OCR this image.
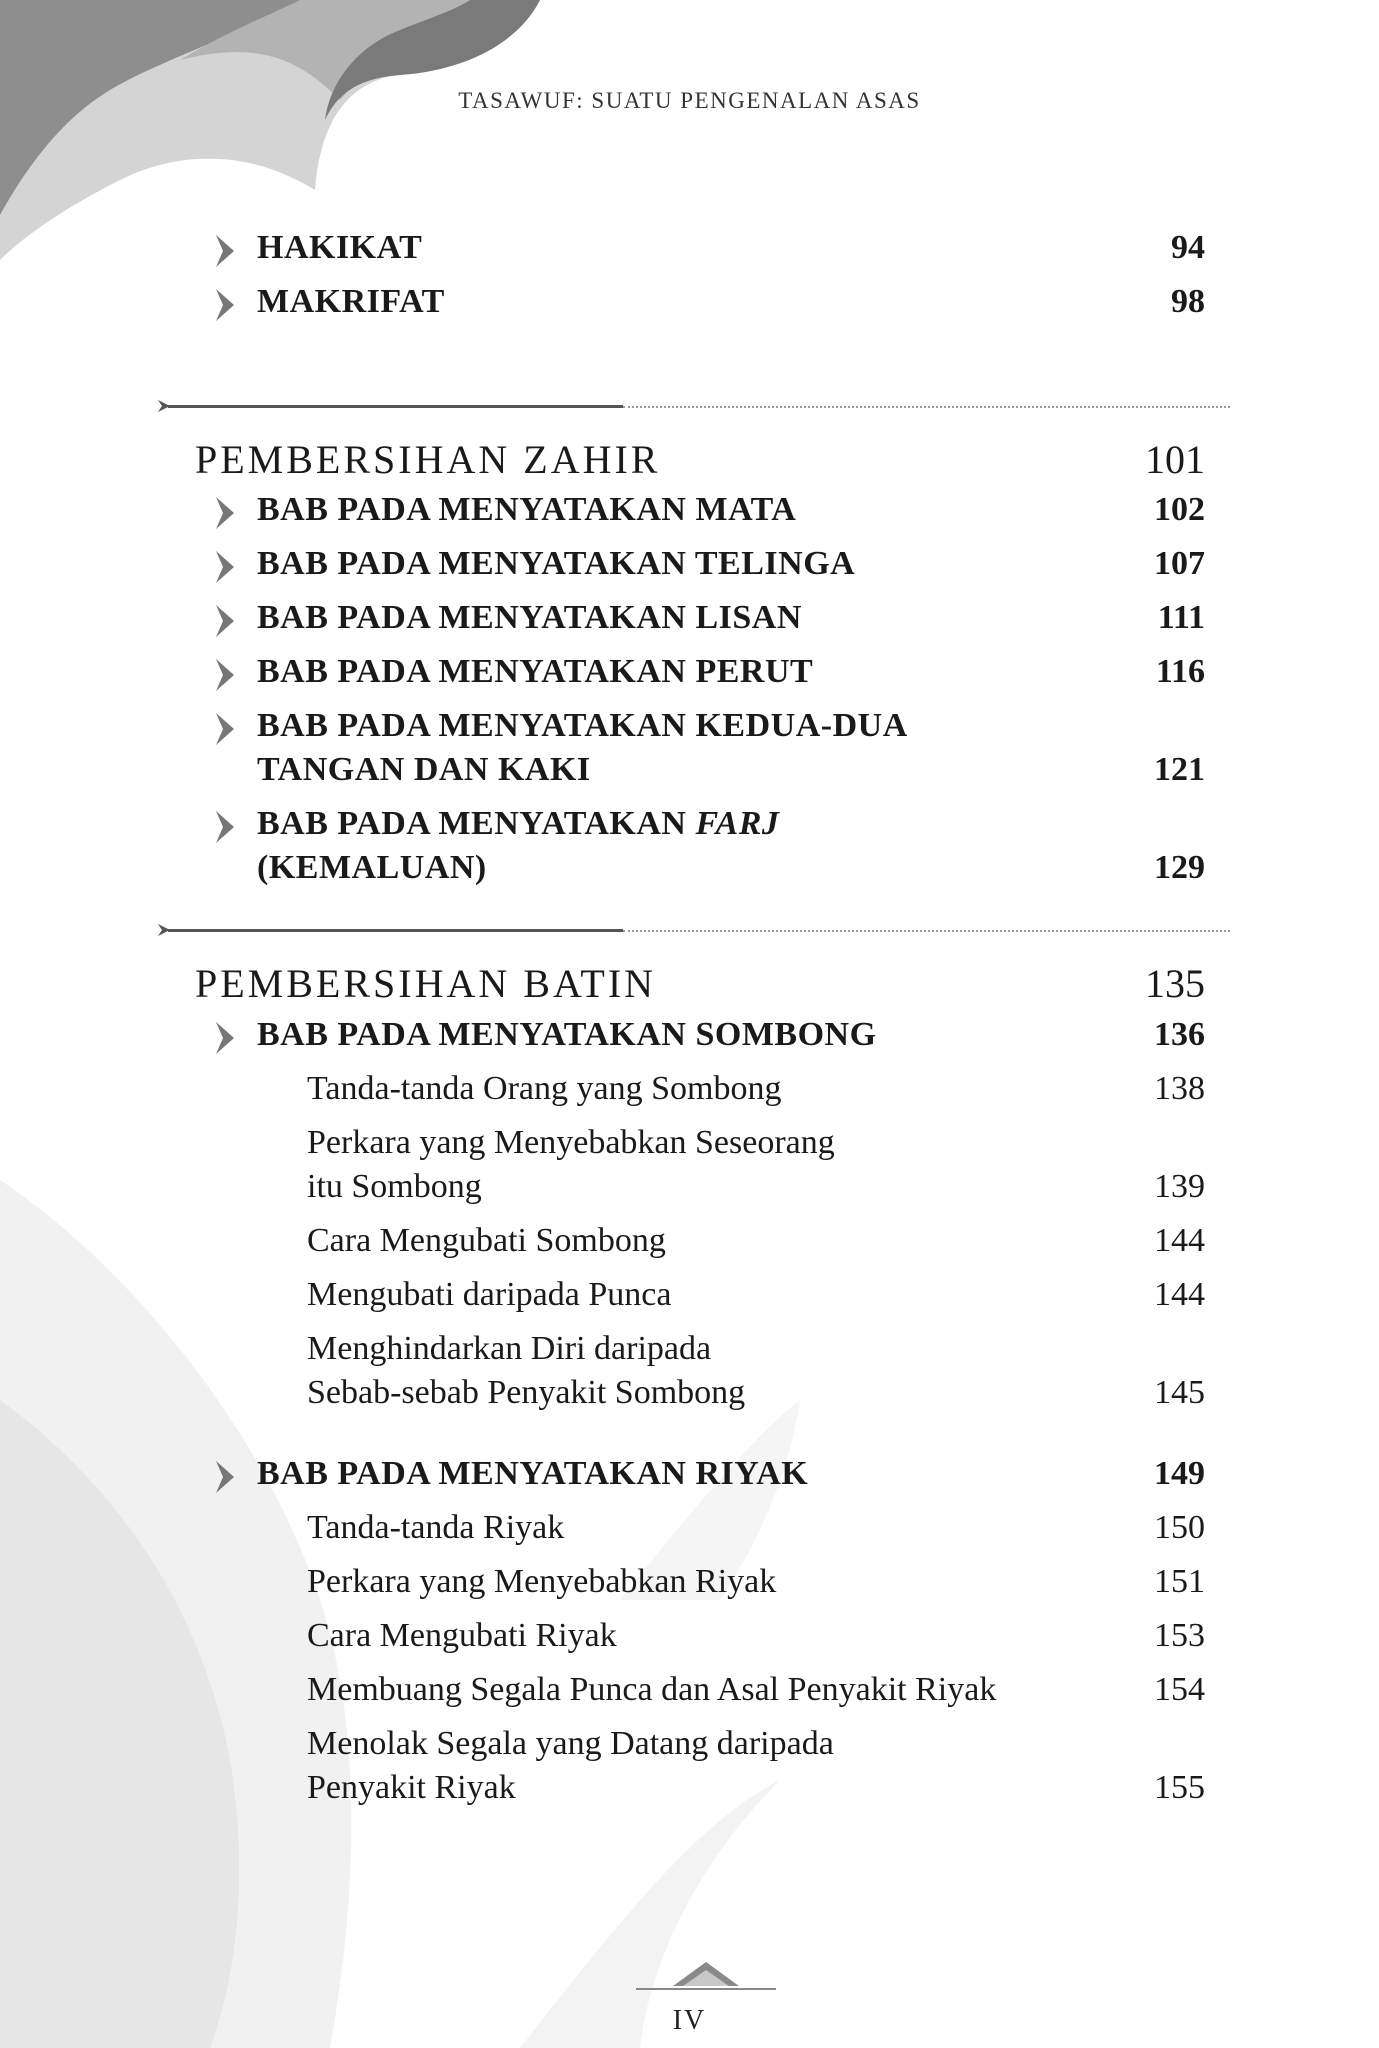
TASAWUF: SUATU PENGENALAN ASAS
HAKIKAT	94
MAKRIFAT	98
PEMBERSIHAN ZAHIR	101
BAB PADA MENYATAKAN MATA	102
BAB PADA MENYATAKAN TELINGA	107
BAB PADA MENYATAKAN LISAN	111
BAB PADA MENYATAKAN PERUT	116
BAB PADA MENYATAKAN KEDUA-DUA
TANGAN DAN KAKI	121
BAB PADA MENYATAKAN FARJ
(KEMALUAN)	129
PEMBERSIHAN BATIN	135
BAB PADA MENYATAKAN SOMBONG	136
Tanda-tanda Orang yang Sombong	138
Perkara yang Menyebabkan Seseorang
itu Sombong	139
Cara Mengubati Sombong	144
Mengubati daripada Punca	144
Menghindarkan Diri daripada
Sebab-sebab Penyakit Sombong	145
BAB PADA MENYATAKAN RIYAK	149
Tanda-tanda Riyak	150
Perkara yang Menyebabkan Riyak	151
Cara Mengubati Riyak	153
Membuang Segala Punca dan Asal Penyakit Riyak	154
Menolak Segala yang Datang daripada
Penyakit Riyak	155
IV
